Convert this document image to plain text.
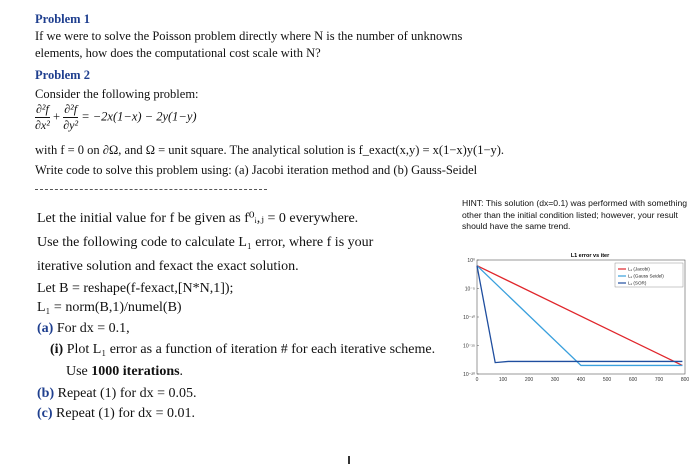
Problem 1
If we were to solve the Poisson problem directly where N is the number of unknowns
elements, how does the computational cost scale with N?
Problem 2
Consider the following problem:
$\frac{\text{∂²f}}{\text{∂x²}} + \frac{\text{∂²f}}{\text{∂y²}} = -2x(1-x) - 2y(1-y)$
with f = 0 on ∂Ω, and Ω = unit square. The analytical solution is f_exact(x,y) = x(1−x)y(1−y).
Write code to solve this problem using: (a) Jacobi iteration method and (b) Gauss-Seidel
Let the initial value for f be given as f⁰ᵢ,ⱼ = 0 everywhere.
Use the following code to calculate L₁ error, where f is your
iterative solution and fexact the exact solution.
Let B = reshape(f-fexact,[N*N,1]);
L₁ = norm(B,1)/numel(B)
(a) For dx = 0.1,
(i) Plot L₁ error as a function of iteration # for each iterative scheme.
Use 1000 iterations.
(b) Repeat (1) for dx = 0.05.
(c) Repeat (1) for dx = 0.01.
HINT: This solution (dx=0.1) was performed with something other than the initial condition listed; however, your result should have the same trend.
L1 error vs iter
10⁰
10⁻⁵
10⁻¹⁰
10⁻¹⁵
10⁻²⁰
0	100	200	300	400	500	600	700	800
L₁ (Jacobi)
L₁ (Gauss Seidel)
L₁ (SOR)
